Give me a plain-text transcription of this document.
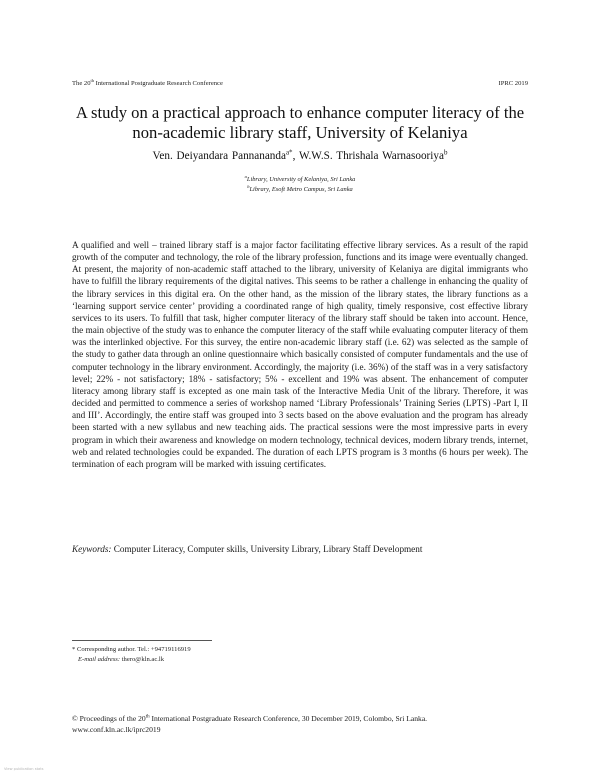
The 20th International Postgraduate Research Conference	IPRC 2019
A study on a practical approach to enhance computer literacy of the
non-academic library staff, University of Kelaniya
Ven. Deiyandara Pannananda$^{a*}$, W.W.S. Thrishala Warnasooriya$^b$
$^a$Library, University of Kelaniya, Sri Lanka
$^b$Library, Esoft Metro Campus, Sri Lanka
A qualified and well – trained library staff is a major factor facilitating effective library services. As a result of the rapid growth of the computer and technology, the role of the library profession, functions and its image were eventually changed. At present, the majority of non-academic staff attached to the library, university of Kelaniya are digital immigrants who have to fulfill the library requirements of the digital natives. This seems to be rather a challenge in enhancing the quality of the library services in this digital era. On the other hand, as the mission of the library states, the library functions as a ‘learning support service center’ providing a coordinated range of high quality, timely responsive, cost effective library services to its users. To fulfill that task, higher computer literacy of the library staff should be taken into account. Hence, the main objective of the study was to enhance the computer literacy of the staff while evaluating computer literacy of them was the interlinked objective. For this survey, the entire non-academic library staff (i.e. 62) was selected as the sample of the study to gather data through an online questionnaire which basically consisted of computer fundamentals and the use of computer technology in the library environment. Accordingly, the majority (i.e. 36%) of the staff was in a very satisfactory level; 22% - not satisfactory; 18% - satisfactory; 5% - excellent and 19% was absent. The enhancement of computer literacy among library staff is excepted as one main task of the Interactive Media Unit of the library. Therefore, it was decided and permitted to commence a series of workshop named ‘Library Professionals’ Training Series (LPTS) -Part I, II and III’. Accordingly, the entire staff was grouped into 3 sects based on the above evaluation and the program has already been started with a new syllabus and new teaching aids. The practical sessions were the most impressive parts in every program in which their awareness and knowledge on modern technology, technical devices, modern library trends, internet, web and related technologies could be expanded. The duration of each LPTS program is 3 months (6 hours per week). The termination of each program will be marked with issuing certificates.
Keywords: Computer Literacy, Computer skills, University Library, Library Staff Development
* Corresponding author. Tel.: +94719116919
E-mail address: thero@kln.ac.lk
© Proceedings of the 20th International Postgraduate Research Conference, 30 December 2019, Colombo, Sri Lanka.
www.conf.kln.ac.lk/iprc2019
View publication stats
